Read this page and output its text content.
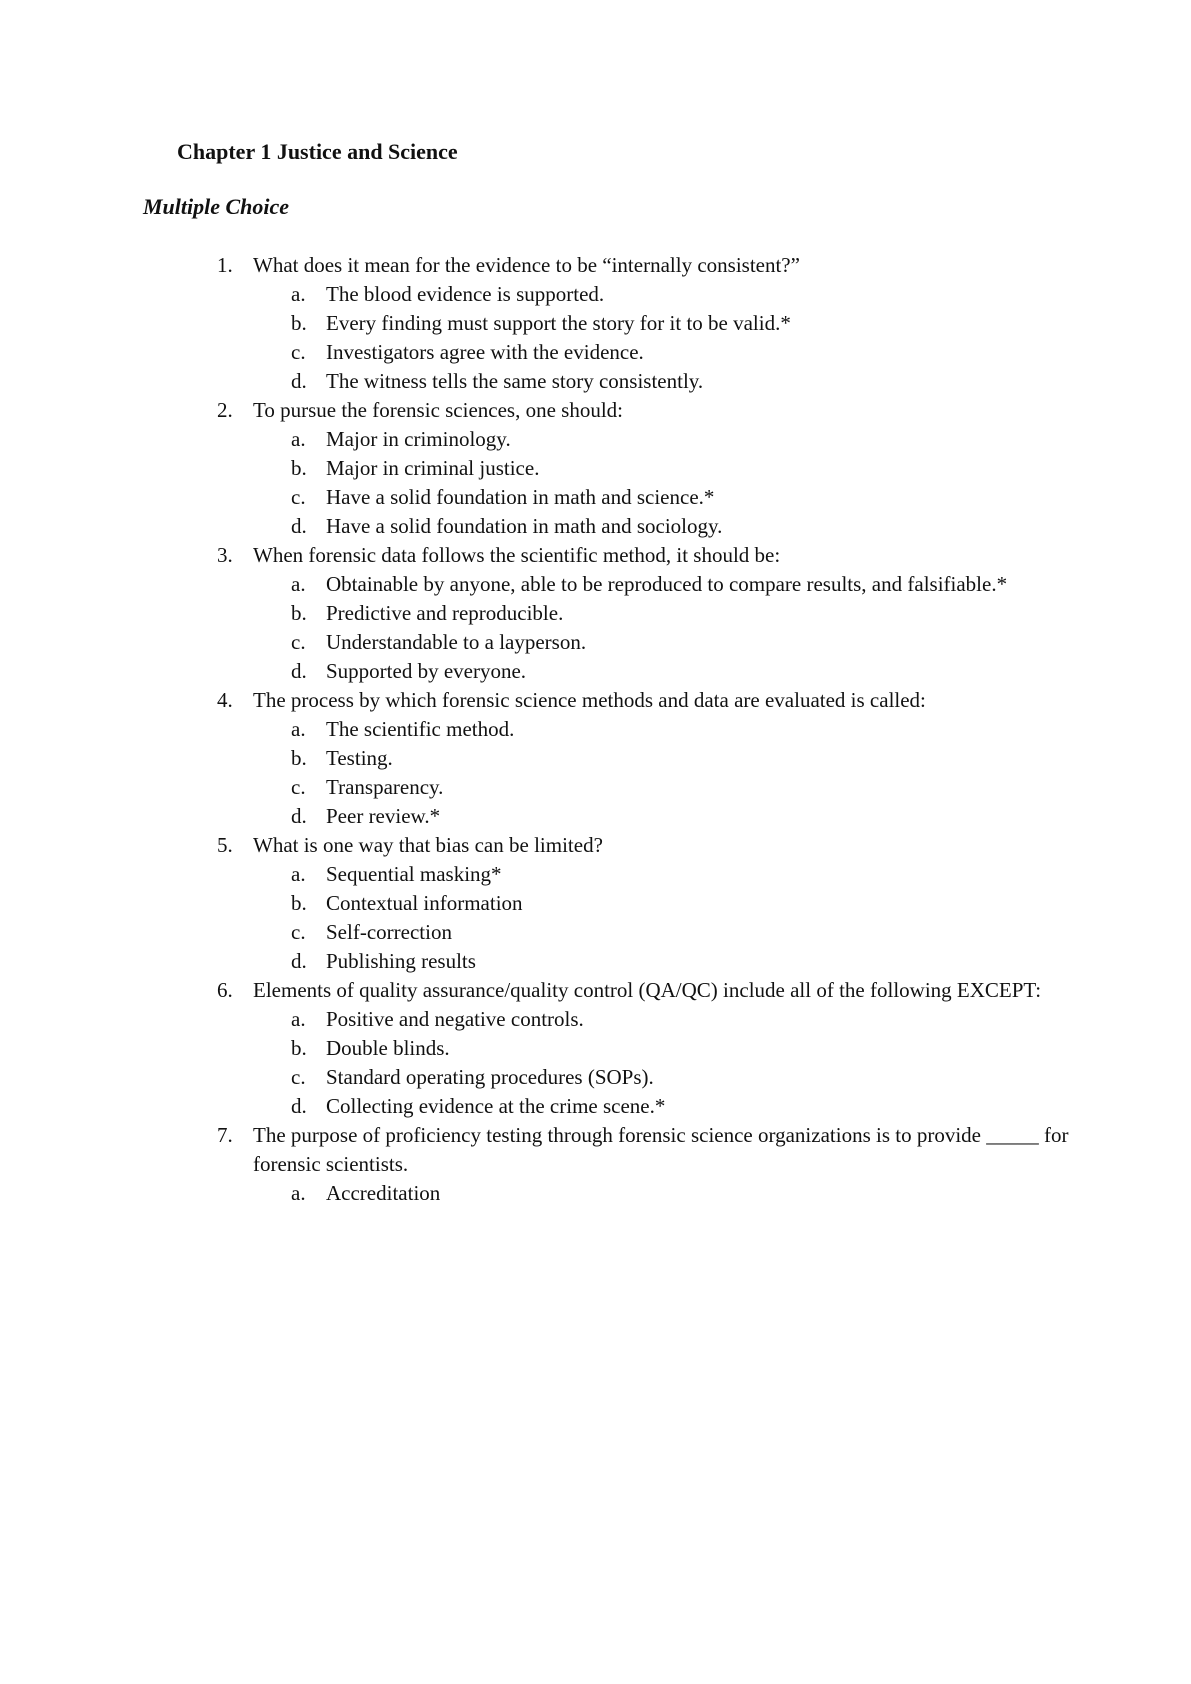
Chapter 1 Justice and Science
Multiple Choice
1. What does it mean for the evidence to be “internally consistent?”
a. The blood evidence is supported.
b. Every finding must support the story for it to be valid.*
c. Investigators agree with the evidence.
d. The witness tells the same story consistently.
2. To pursue the forensic sciences, one should:
a. Major in criminology.
b. Major in criminal justice.
c. Have a solid foundation in math and science.*
d. Have a solid foundation in math and sociology.
3. When forensic data follows the scientific method, it should be:
a. Obtainable by anyone, able to be reproduced to compare results, and falsifiable.*
b. Predictive and reproducible.
c. Understandable to a layperson.
d. Supported by everyone.
4. The process by which forensic science methods and data are evaluated is called:
a. The scientific method.
b. Testing.
c. Transparency.
d. Peer review.*
5. What is one way that bias can be limited?
a. Sequential masking*
b. Contextual information
c. Self-correction
d. Publishing results
6. Elements of quality assurance/quality control (QA/QC) include all of the following EXCEPT:
a. Positive and negative controls.
b. Double blinds.
c. Standard operating procedures (SOPs).
d. Collecting evidence at the crime scene.*
7. The purpose of proficiency testing through forensic science organizations is to provide _____ for forensic scientists.
a. Accreditation
